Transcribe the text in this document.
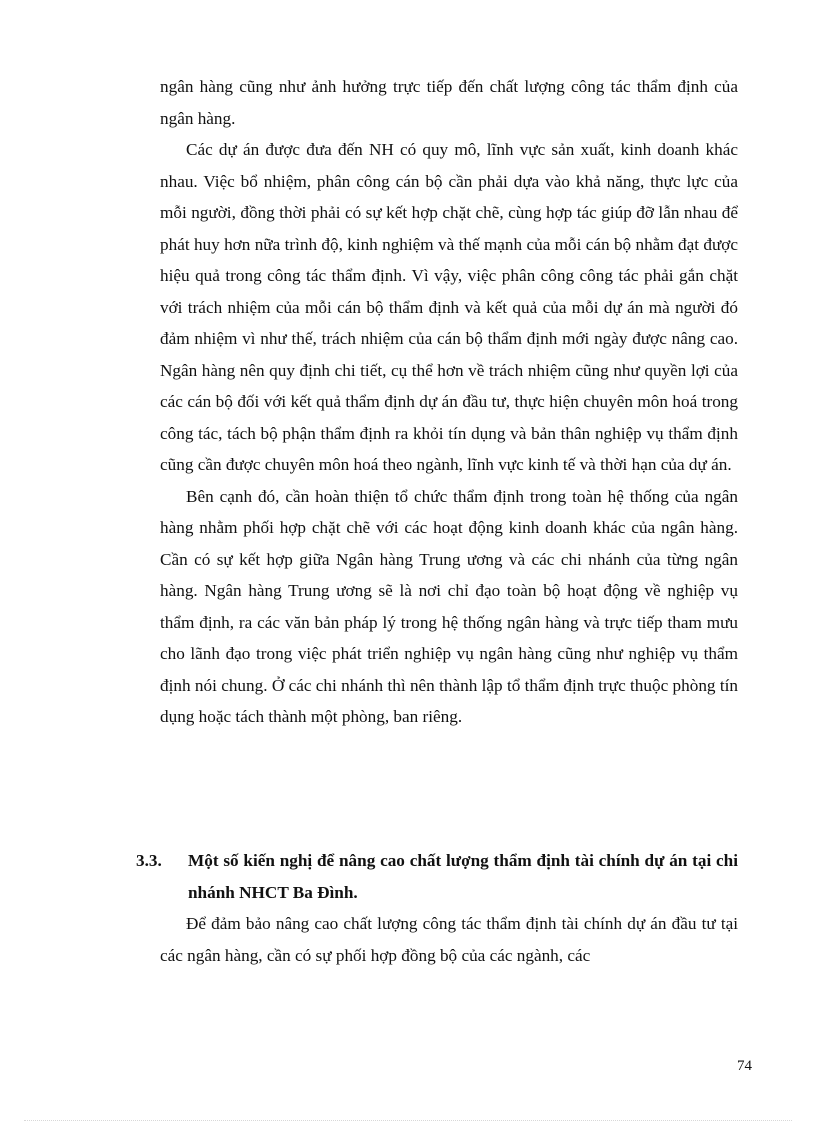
ngân hàng cũng như ảnh hưởng trực tiếp đến chất lượng công tác thẩm định của ngân hàng.

Các dự án được đưa đến NH có quy mô, lĩnh vực sản xuất, kinh doanh khác nhau. Việc bổ nhiệm, phân công cán bộ cần phải dựa vào khả năng, thực lực của mỗi người, đồng thời phải có sự kết hợp chặt chẽ, cùng hợp tác giúp đỡ lẫn nhau để phát huy hơn nữa trình độ, kinh nghiệm và thế mạnh của mỗi cán bộ nhằm đạt được hiệu quả trong công tác thẩm định. Vì vậy, việc phân công công tác phải gắn chặt với trách nhiệm của mỗi cán bộ thẩm định và kết quả của mỗi dự án mà người đó đảm nhiệm vì như thế, trách nhiệm của cán bộ thẩm định mới ngày được nâng cao. Ngân hàng nên quy định chi tiết, cụ thể hơn về trách nhiệm cũng như quyền lợi của các cán bộ đối với kết quả thẩm định dự án đầu tư, thực hiện chuyên môn hoá trong công tác, tách bộ phận thẩm định ra khỏi tín dụng và bản thân nghiệp vụ thẩm định cũng cần được chuyên môn hoá theo ngành, lĩnh vực kinh tế và thời hạn của dự án.

Bên cạnh đó, cần hoàn thiện tổ chức thẩm định trong toàn hệ thống của ngân hàng nhằm phối hợp chặt chẽ với các hoạt động kinh doanh khác của ngân hàng. Cần có sự kết hợp giữa Ngân hàng Trung ương và các chi nhánh của từng ngân hàng. Ngân hàng Trung ương sẽ là nơi chỉ đạo toàn bộ hoạt động về nghiệp vụ thẩm định, ra các văn bản pháp lý trong hệ thống ngân hàng và trực tiếp tham mưu cho lãnh đạo trong việc phát triển nghiệp vụ ngân hàng cũng như nghiệp vụ thẩm định nói chung. Ở các chi nhánh thì nên thành lập tổ thẩm định trực thuộc phòng tín dụng hoặc tách thành một phòng, ban riêng.

3.3.	Một số kiến nghị để nâng cao chất lượng thẩm định tài chính dự án tại chi nhánh NHCT Ba Đình.

Để đảm bảo nâng cao chất lượng công tác thẩm định tài chính dự án đầu tư tại các ngân hàng, cần có sự phối hợp đồng bộ của các ngành, các

74
